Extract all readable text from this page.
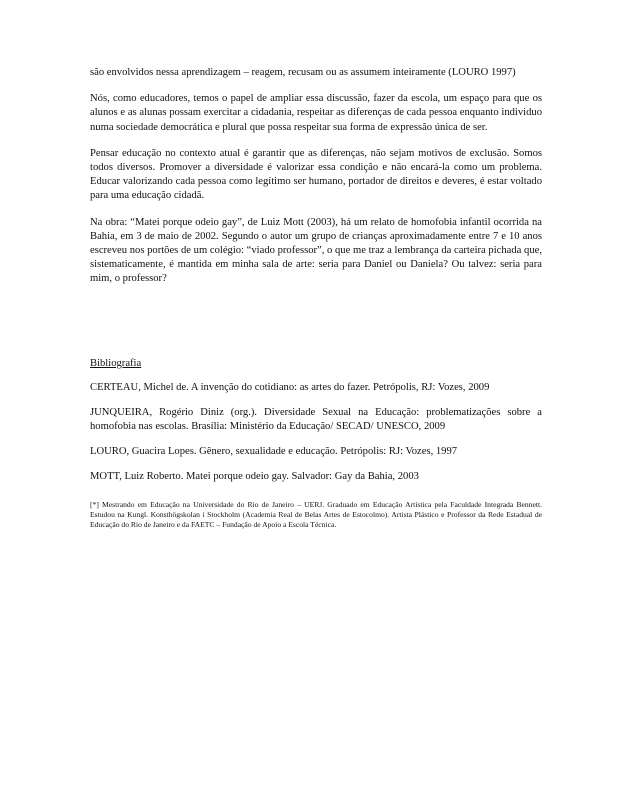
são envolvidos nessa aprendizagem – reagem, recusam ou as assumem inteiramente (LOURO 1997)

Nós, como educadores, temos o papel de ampliar essa discussão, fazer da escola, um espaço para que os alunos e as alunas possam exercitar a cidadania, respeitar as diferenças de cada pessoa enquanto individuo numa sociedade democrática e plural que possa respeitar sua forma de expressão única de ser.

Pensar educação no contexto atual é garantir que as diferenças, não sejam motivos de exclusão. Somos todos diversos. Promover a diversidade é valorizar essa condição e não encará-la como um problema. Educar valorizando cada pessoa como legítimo ser humano, portador de direitos e deveres, é estar voltado para uma educação cidadã.

Na obra: “Matei porque odeio gay”, de Luiz Mott (2003), há um relato de homofobia infantil ocorrida na Bahia, em 3 de maio de 2002. Segundo o autor um grupo de crianças aproximadamente entre 7 e 10 anos escreveu nos portões de um colégio: “viado professor”, o que me traz a lembrança da carteira pichada que, sistematicamente, é mantida em minha sala de arte: seria para Daniel ou Daniela? Ou talvez: seria para mim, o professor?

Bibliografia

CERTEAU, Michel de. A invenção do cotidiano: as artes do fazer. Petrópolis, RJ: Vozes, 2009

JUNQUEIRA, Rogério Diniz (org.). Diversidade Sexual na Educação: problematizações sobre a homofobia nas escolas. Brasília: Ministério da Educação/ SECAD/ UNESCO, 2009

LOURO, Guacira Lopes. Gênero, sexualidade e educação. Petrópolis: RJ: Vozes, 1997

MOTT, Luiz Roberto. Matei porque odeio gay. Salvador: Gay da Bahia, 2003

[*] Mestrando em Educação na Universidade do Rio de Janeiro – UERJ. Graduado em Educação Artística pela Faculdade Integrada Bennett. Estudou na Kungl. Konsthögskolan i Stockholm (Academia Real de Belas Artes de Estocolmo). Artista Plástico e Professor da Rede Estadual de Educação do Rio de Janeiro e da FAETC – Fundação de Apoio a Escola Técnica.
